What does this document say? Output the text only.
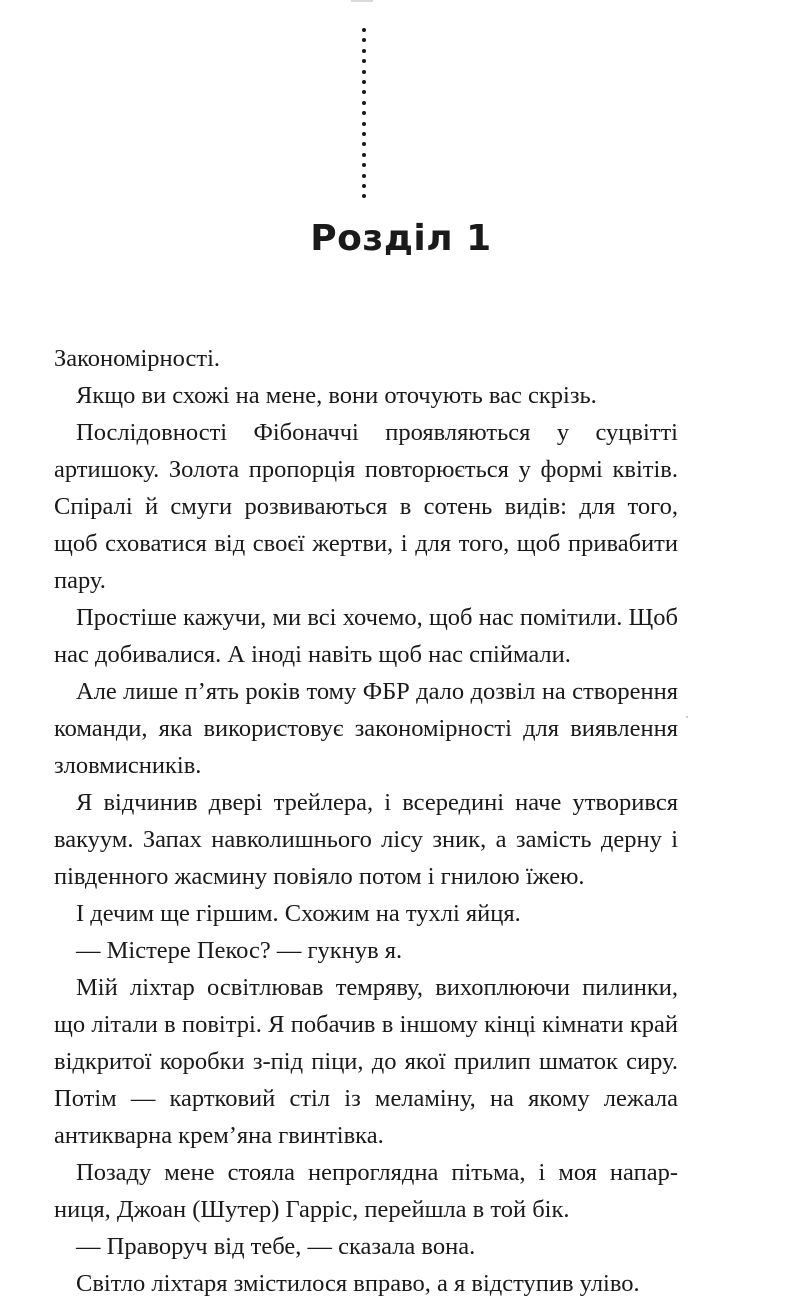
Розділ 1

Закономірності.

Якщо ви схожі на мене, вони оточують вас скрізь.

Послідовності Фібоначчі проявляються у суцвітті артишоку. Золота пропорція повторюється у формі квітів. Спіралі й смуги розвиваються в сотень видів: для того, щоб сховатися від своєї жертви, і для того, щоб привабити пару.

Простіше кажучи, ми всі хочемо, щоб нас помітили. Щоб нас добивалися. А іноді навіть щоб нас спіймали.

Але лише п’ять років тому ФБР дало дозвіл на створення команди, яка використовує закономірності для виявлення зловмисників.

Я відчинив двері трейлера, і всередині наче утворився вакуум. Запах навколишнього лісу зник, а замість дерну і південного жасмину повіяло потом і гнилою їжею.

І дечим ще гіршим. Схожим на тухлі яйця.

— Містере Пекос? — гукнув я.

Мій ліхтар освітлював темряву, вихоплюючи пилинки, що літали в повітрі. Я побачив в іншому кінці кімнати край відкритої коробки з-під піци, до якої прилип шматок сиру. Потім — картковий стіл із меламіну, на якому лежала антикварна крем’яна гвинтівка.

Позаду мене стояла непроглядна пітьма, і моя напарниця, Джоан (Шутер) Гарріс, перейшла в той бік.

— Праворуч від тебе, — сказала вона.

Світло ліхтаря змістилося вправо, а я відступив уліво.
